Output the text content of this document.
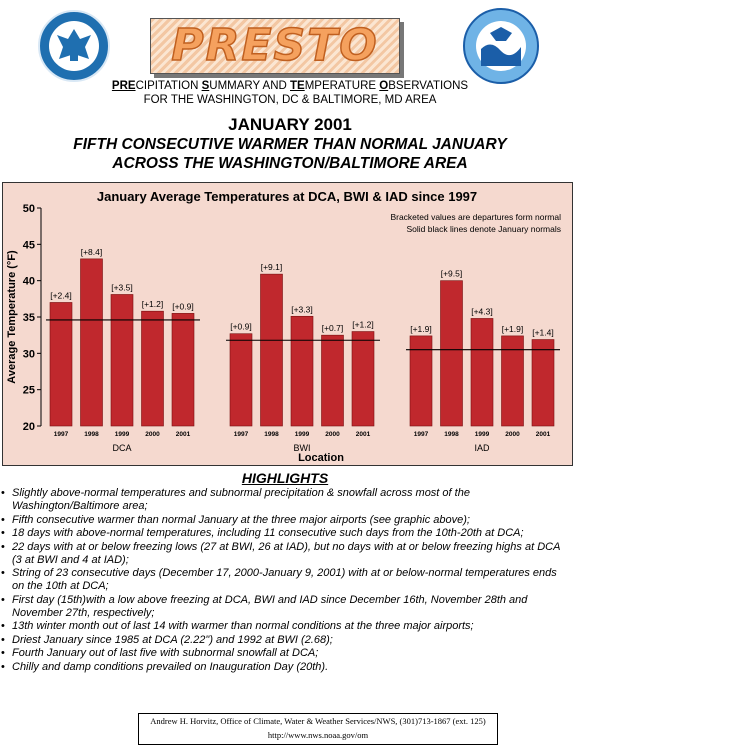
PRESTO
PRECIPITATION SUMMARY AND TEMPERATURE OBSERVATIONS
FOR THE WASHINGTON, DC & BALTIMORE, MD AREA
JANUARY 2001
FIFTH CONSECUTIVE WARMER THAN NORMAL JANUARY
ACROSS THE WASHINGTON/BALTIMORE AREA
January Average Temperatures at DCA, BWI & IAD since 1997
Bracketed values are departures form normal
Solid black lines denote January normals
20
25
30
35
40
45
50
Average Temperature (°F)
Location
[+2.4]
1997
[+8.4]
1998
[+3.5]
1999
[+1.2]
2000
[+0.9]
2001
DCA
[+0.9]
1997
[+9.1]
1998
[+3.3]
1999
[+0.7]
2000
[+1.2]
2001
BWI
[+1.9]
1997
[+9.5]
1998
[+4.3]
1999
[+1.9]
2000
[+1.4]
2001
IAD
HIGHLIGHTS
• Slightly above-normal temperatures and subnormal precipitation & snowfall across most of the Washington/Baltimore area;
• Fifth consecutive warmer than normal January at the three major airports (see graphic above);
• 18 days with above-normal temperatures, including 11 consecutive such days from the 10th-20th at DCA;
• 22 days with at or below freezing lows (27 at BWI, 26 at IAD), but no days with at or below freezing highs at DCA (3 at BWI and 4 at IAD);
• String of 23 consecutive days (December 17, 2000-January 9, 2001) with at or below-normal temperatures ends on the 10th at DCA;
• First day (15th)with a low above freezing at DCA, BWI and IAD since December 16th, November 28th and November 27th, respectively;
• 13th winter month out of last 14 with warmer than normal conditions at the three major airports;
• Driest January since 1985 at DCA (2.22") and 1992 at BWI (2.68);
• Fourth January out of last five with subnormal snowfall at DCA;
• Chilly and damp conditions prevailed on Inauguration Day (20th).
Andrew H. Horvitz, Office of Climate, Water & Weather Services/NWS, (301)713-1867 (ext. 125)
http://www.nws.noaa.gov/om
